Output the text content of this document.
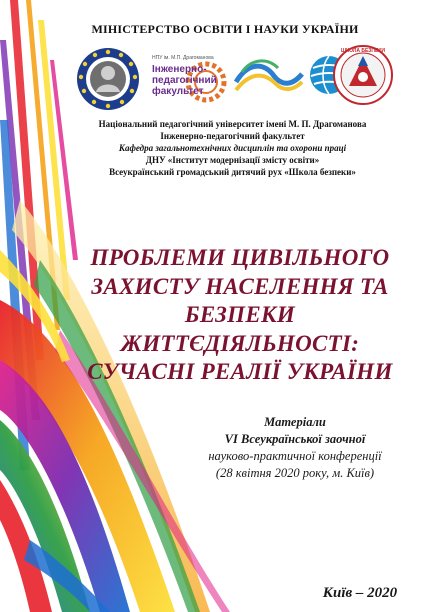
МІНІСТЕРСТВО ОСВІТИ І НАУКИ УКРАЇНИ
Інженерно-
педагогічний
факультет
НПУ ім. М.П. Драгоманова
ШКОЛА БЕЗПЕКИ
Національний педагогічний університет імені М. П. Драгоманова
Інженерно-педагогічний факультет
Кафедра загальнотехнічних дисциплін та охорони праці
ДНУ «Інститут модернізації змісту освіти»
Всеукраїнський громадський дитячий рух «Школа безпеки»
ПРОБЛЕМИ ЦИВІЛЬНОГО
ЗАХИСТУ НАСЕЛЕННЯ ТА
БЕЗПЕКИ ЖИТТЄДІЯЛЬНОСТІ:
СУЧАСНІ РЕАЛІЇ УКРАЇНИ
Матеріали
VI Всеукраїнської заочної
науково-практичної конференції
(28 квітня 2020 року, м. Київ)
Київ – 2020
